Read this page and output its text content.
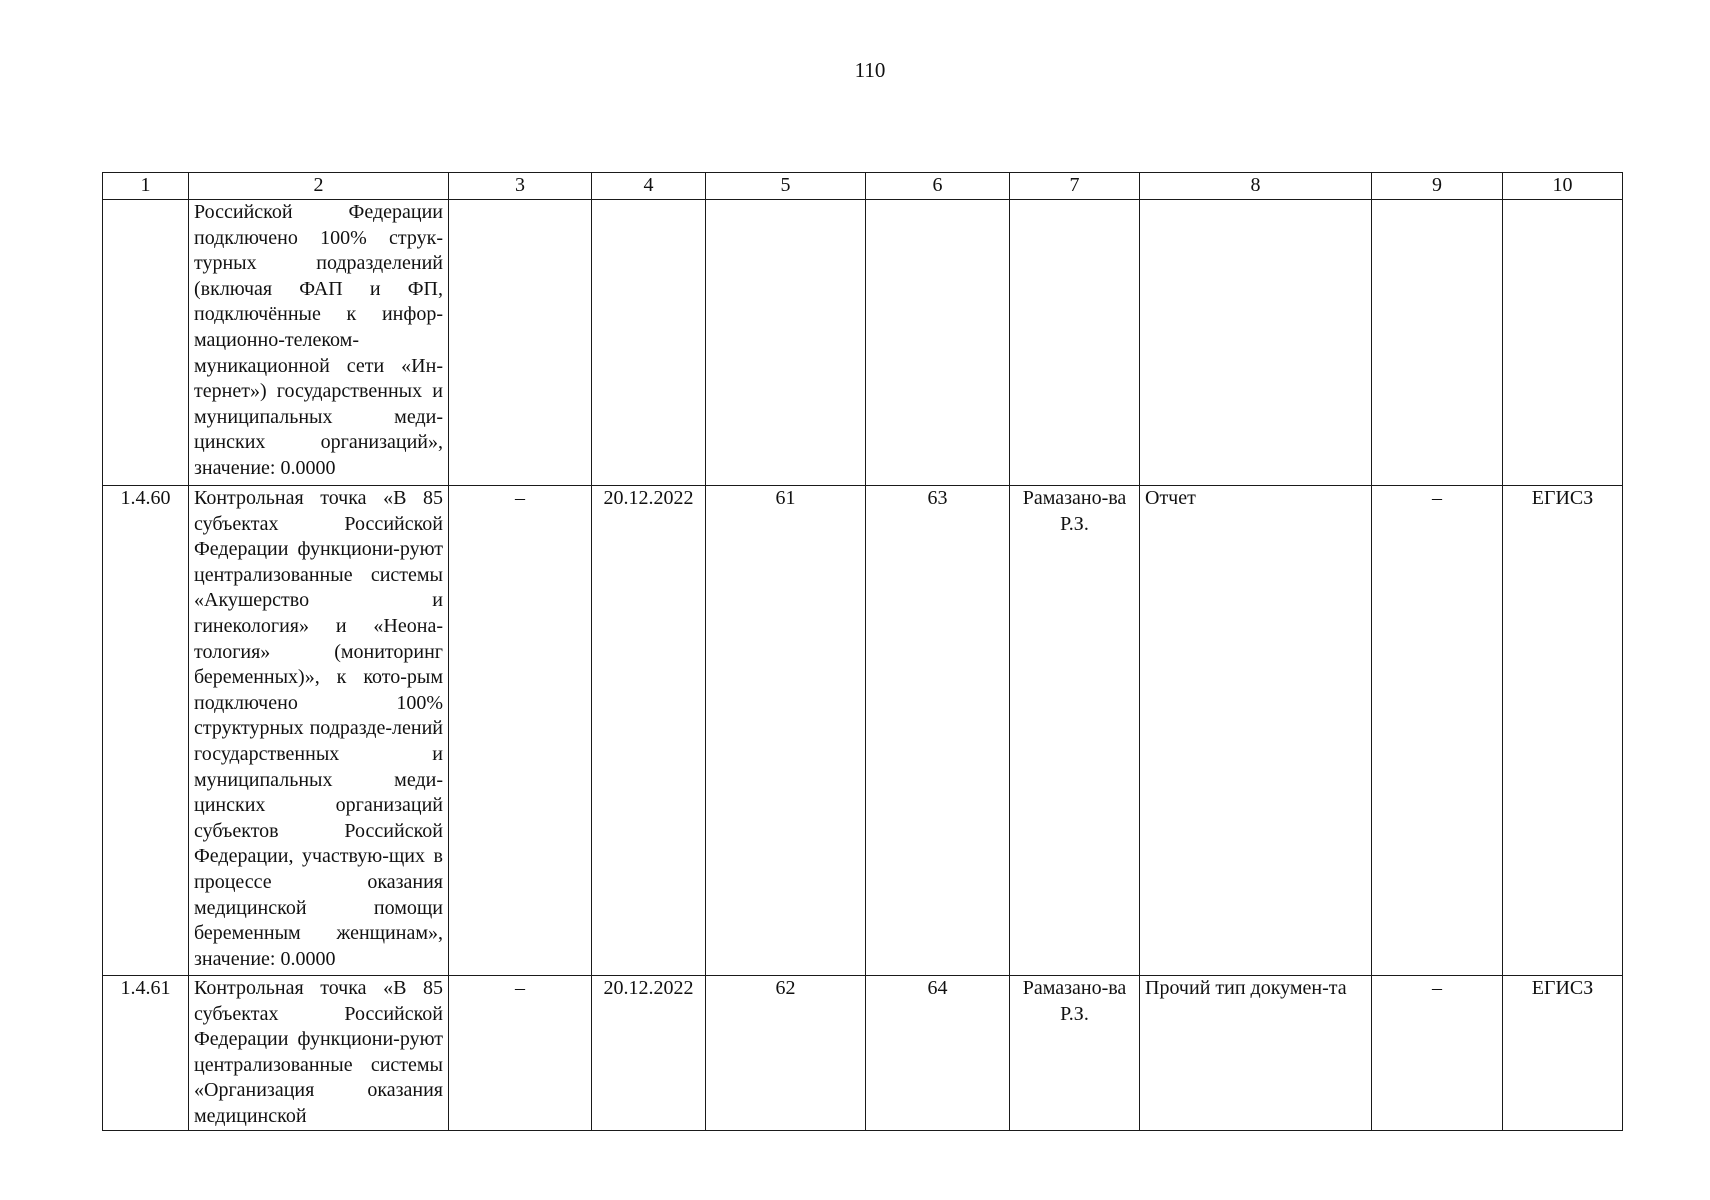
110
1	2	3	4	5	6	7	8	9	10
	Российской Федерации подключено 100% струк-турных подразделений (включая ФАП и ФП, подключённые к инфор-мационно-телеком-муникационной сети «Ин-тернет») государственных и муниципальных меди-цинских организаций», значение: 0.0000								
1.4.60	Контрольная точка «В 85 субъектах Российской Федерации функциони-руют централизованные системы «Акушерство и гинекология» и «Неона-тология» (мониторинг беременных)», к кото-рым подключено 100% структурных подразде-лений государственных и муниципальных меди-цинских организаций субъектов Российской Федерации, участвую-щих в процессе оказания медицинской помощи беременным женщинам», значение: 0.0000	–	20.12.2022	61	63	Рамазано-ва Р.З.	Отчет	–	ЕГИСЗ
1.4.61	Контрольная точка «В 85 субъектах Российской Федерации функциони-руют централизованные системы «Организация оказания медицинской	–	20.12.2022	62	64	Рамазано-ва Р.З.	Прочий тип докумен-та	–	ЕГИСЗ
